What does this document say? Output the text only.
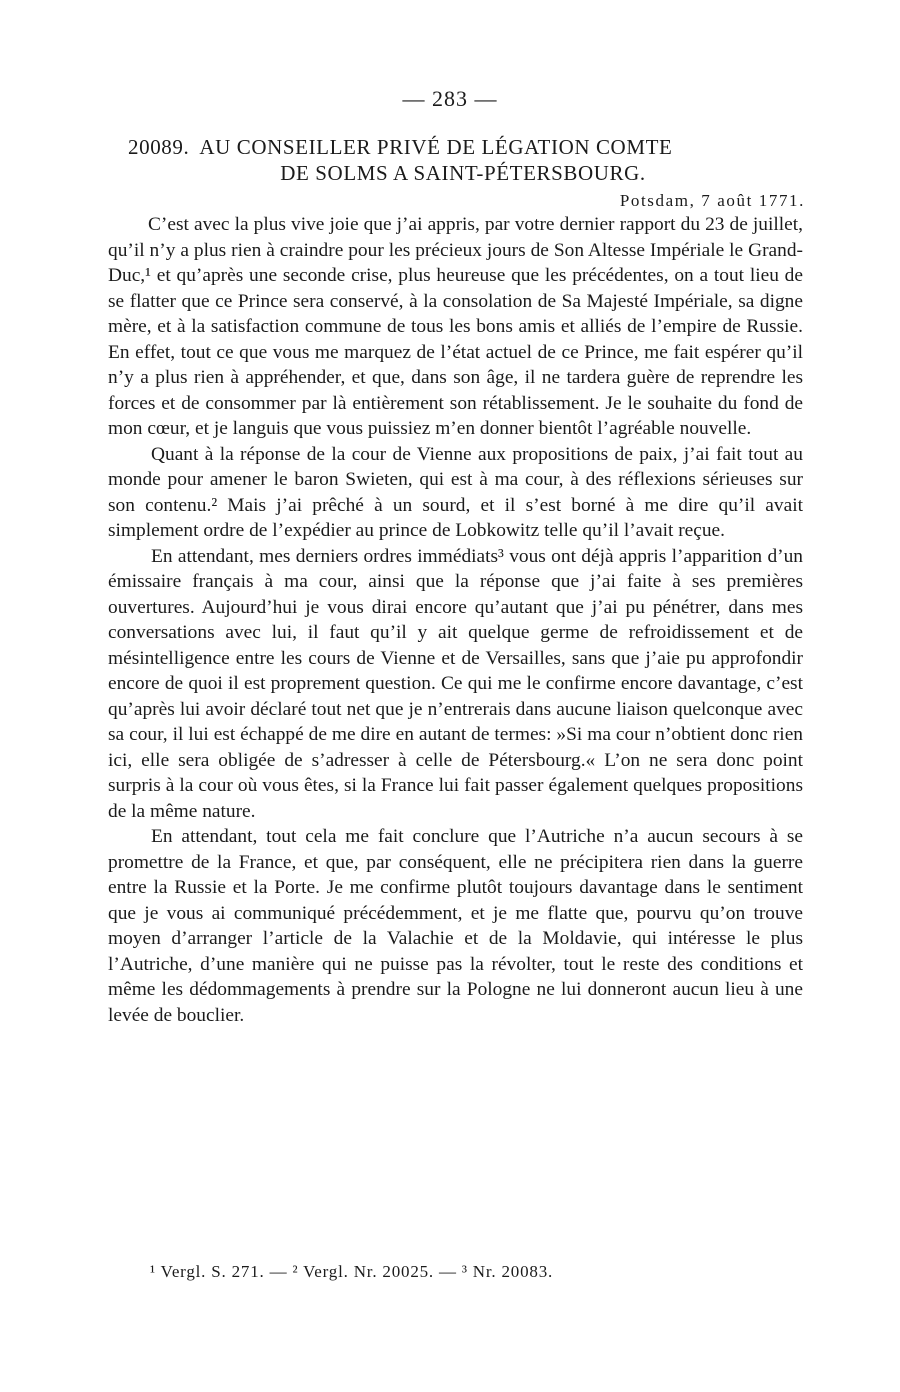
— 283 —
20089. AU CONSEILLER PRIVÉ DE LÉGATION COMTE
DE SOLMS A SAINT-PÉTERSBOURG.
Potsdam, 7 août 1771.

C’est avec la plus vive joie que j’ai appris, par votre dernier rapport du 23 de juillet, qu’il n’y a plus rien à craindre pour les précieux jours de Son Altesse Impériale le Grand-Duc,¹ et qu’après une seconde crise, plus heureuse que les précédentes, on a tout lieu de se flatter que ce Prince sera conservé, à la consolation de Sa Majesté Impériale, sa digne mère, et à la satisfaction commune de tous les bons amis et alliés de l’empire de Russie. En effet, tout ce que vous me marquez de l’état actuel de ce Prince, me fait espérer qu’il n’y a plus rien à appréhender, et que, dans son âge, il ne tardera guère de reprendre les forces et de consommer par là entièrement son rétablissement. Je le souhaite du fond de mon cœur, et je languis que vous puissiez m’en donner bientôt l’agréable nouvelle.

Quant à la réponse de la cour de Vienne aux propositions de paix, j’ai fait tout au monde pour amener le baron Swieten, qui est à ma cour, à des réflexions sérieuses sur son contenu.² Mais j’ai prêché à un sourd, et il s’est borné à me dire qu’il avait simplement ordre de l’expédier au prince de Lobkowitz telle qu’il l’avait reçue.

En attendant, mes derniers ordres immédiats³ vous ont déjà appris l’apparition d’un émissaire français à ma cour, ainsi que la réponse que j’ai faite à ses premières ouvertures. Aujourd’hui je vous dirai encore qu’autant que j’ai pu pénétrer, dans mes conversations avec lui, il faut qu’il y ait quelque germe de refroidissement et de mésintelligence entre les cours de Vienne et de Versailles, sans que j’aie pu approfondir encore de quoi il est proprement question. Ce qui me le confirme encore davantage, c’est qu’après lui avoir déclaré tout net que je n’entrerais dans aucune liaison quelconque avec sa cour, il lui est échappé de me dire en autant de termes: »Si ma cour n’obtient donc rien ici, elle sera obligée de s’adresser à celle de Pétersbourg.« L’on ne sera donc point surpris à la cour où vous êtes, si la France lui fait passer également quelques propositions de la même nature.

En attendant, tout cela me fait conclure que l’Autriche n’a aucun secours à se promettre de la France, et que, par conséquent, elle ne précipitera rien dans la guerre entre la Russie et la Porte. Je me confirme plutôt toujours davantage dans le sentiment que je vous ai communiqué précédemment, et je me flatte que, pourvu qu’on trouve moyen d’arranger l’article de la Valachie et de la Moldavie, qui intéresse le plus l’Autriche, d’une manière qui ne puisse pas la révolter, tout le reste des conditions et même les dédommagements à prendre sur la Pologne ne lui donneront aucun lieu à une levée de bouclier.

¹ Vergl. S. 271. — ² Vergl. Nr. 20025. — ³ Nr. 20083.
